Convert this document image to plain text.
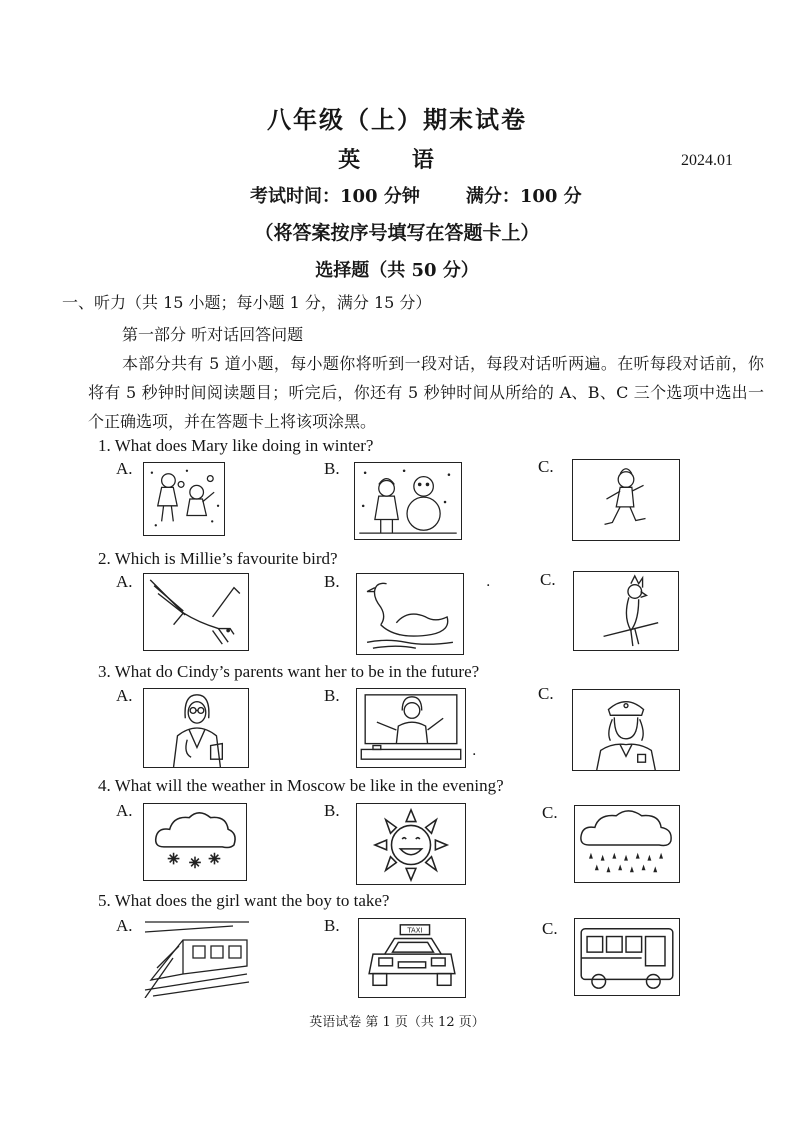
八年级（上）期末试卷
英 语	2024.01
考试时间：100 分钟	满分：100 分
（将答案按序号填写在答题卡上）
选择题（共 50 分）
一、听力（共 15 小题；每小题 1 分，满分 15 分）
第一部分 听对话回答问题
本部分共有 5 道小题，每小题你将听到一段对话，每段对话听两遍。在听每段对话前，你将有 5 秒钟时间阅读题目；听完后，你还有 5 秒钟时间从所给的 A、B、C 三个选项中选出一个正确选项，并在答题卡上将该项涂黑。
1. What does Mary like doing in winter?
A.	B.	C.
2. Which is Millie’s favourite bird?
A.	B.	C.
.
3. What do Cindy’s parents want her to be in the future?
A.	B.	C.
.
4. What will the weather in Moscow be like in the evening?
A.	B.	C.
5. What does the girl want the boy to take?
A.	B.	C.
TAXI
英语试卷 第 1 页（共 12 页）
